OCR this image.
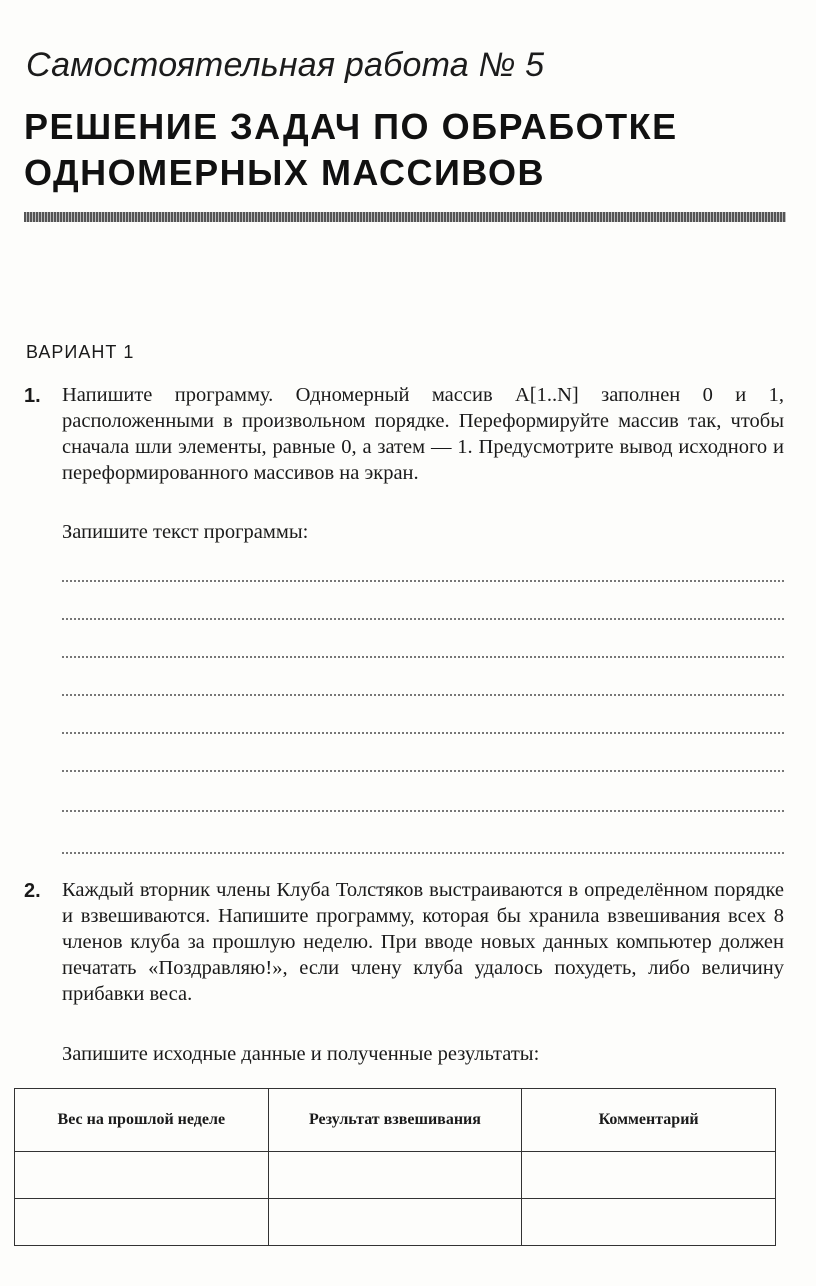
Самостоятельная работа № 5
РЕШЕНИЕ ЗАДАЧ ПО ОБРАБОТКЕ
ОДНОМЕРНЫХ МАССИВОВ
ВАРИАНТ 1
1. Напишите программу. Одномерный массив A[1..N] заполнен 0 и 1, расположенными в произвольном порядке. Переформируйте массив так, чтобы сначала шли элементы, равные 0, а затем — 1. Предусмотрите вывод исходного и переформированного массивов на экран.

Запишите текст программы:
2. Каждый вторник члены Клуба Толстяков выстраиваются в определённом порядке и взвешиваются. Напишите программу, которая бы хранила взвешивания всех 8 членов клуба за прошлую неделю. При вводе новых данных компьютер должен печатать «Поздравляю!», если члену клуба удалось похудеть, либо величину прибавки веса.

Запишите исходные данные и полученные результаты:
Вес на прошлой неделе	Результат взвешивания	Комментарий
